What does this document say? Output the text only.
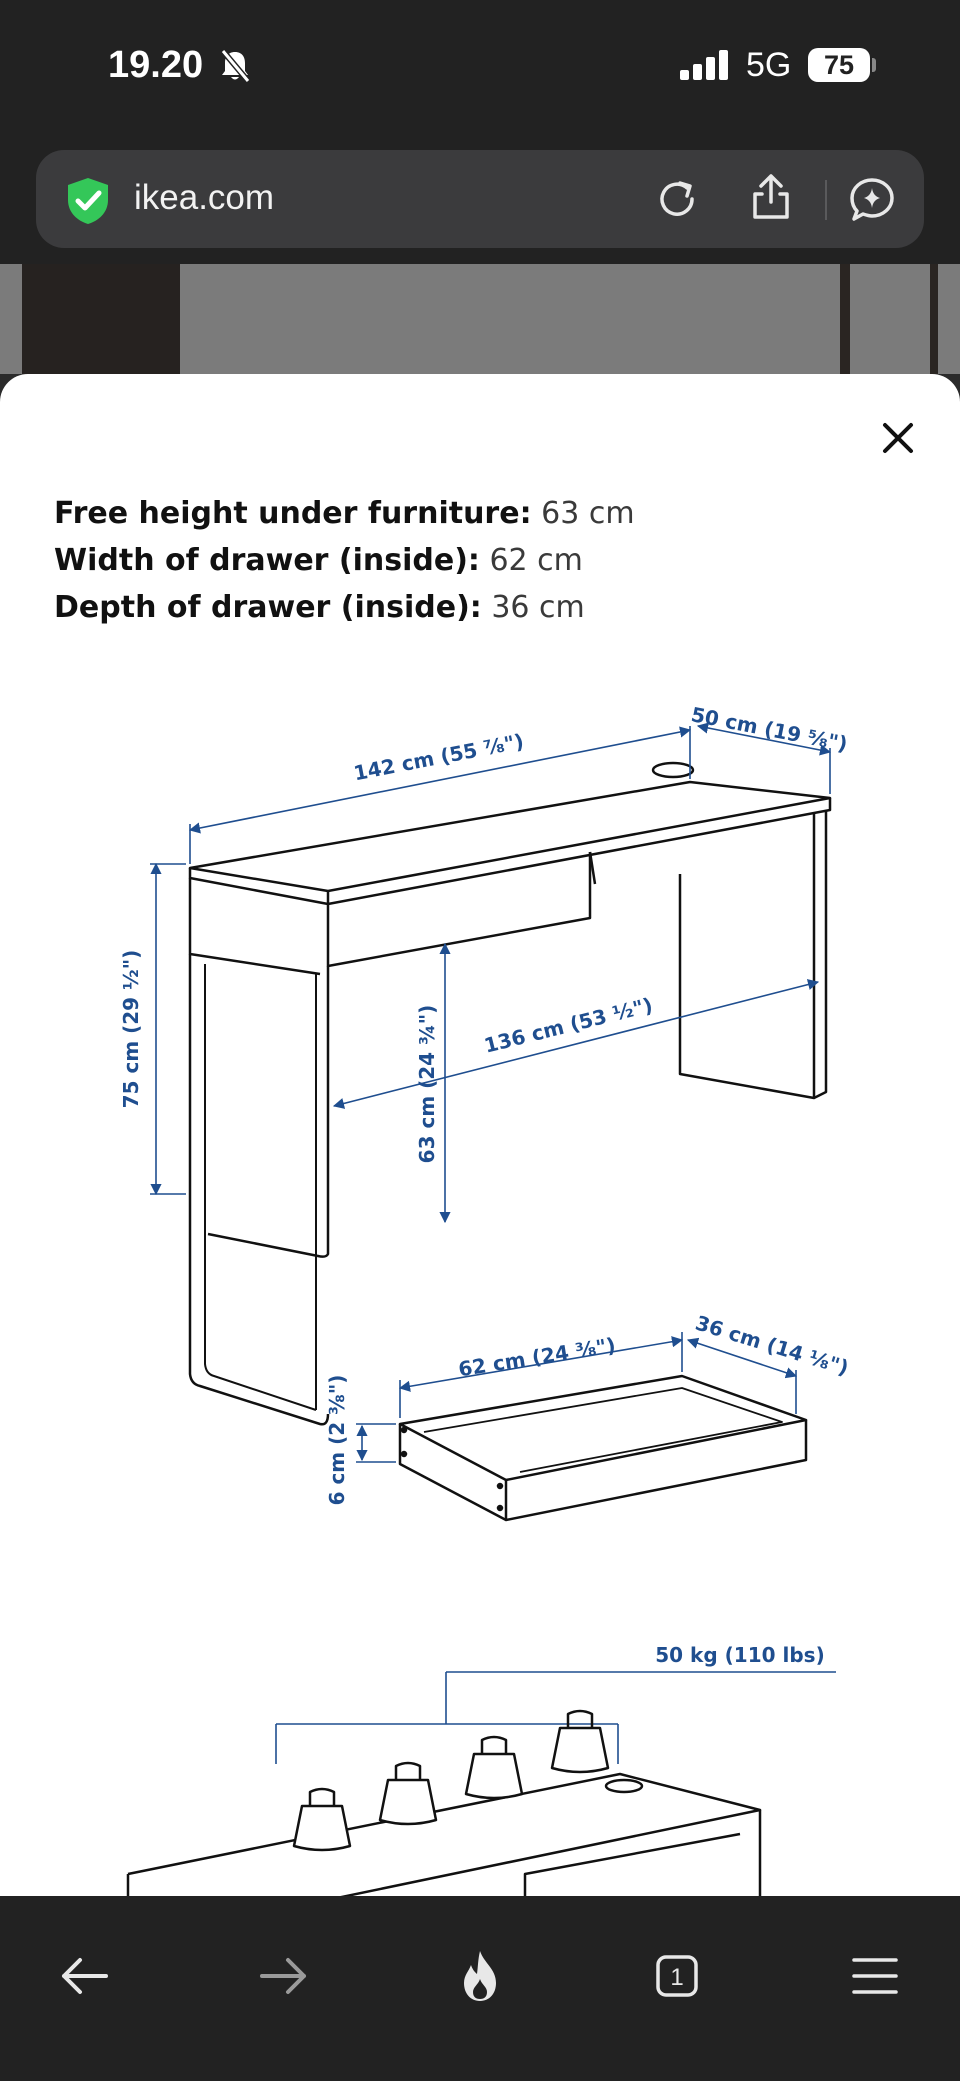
19.20	5G	75
ikea.com
Free height under furniture: 63 cm
Width of drawer (inside): 62 cm
Depth of drawer (inside): 36 cm
142 cm (55 ⅞")	50 cm (19 ⅝")
75 cm (29 ½")	63 cm (24 ¾") 136 cm (53 ½")
62 cm (24 ⅜")	36 cm (14 ⅛")
6 cm (2 ⅜")
50 kg (110 lbs)
1
